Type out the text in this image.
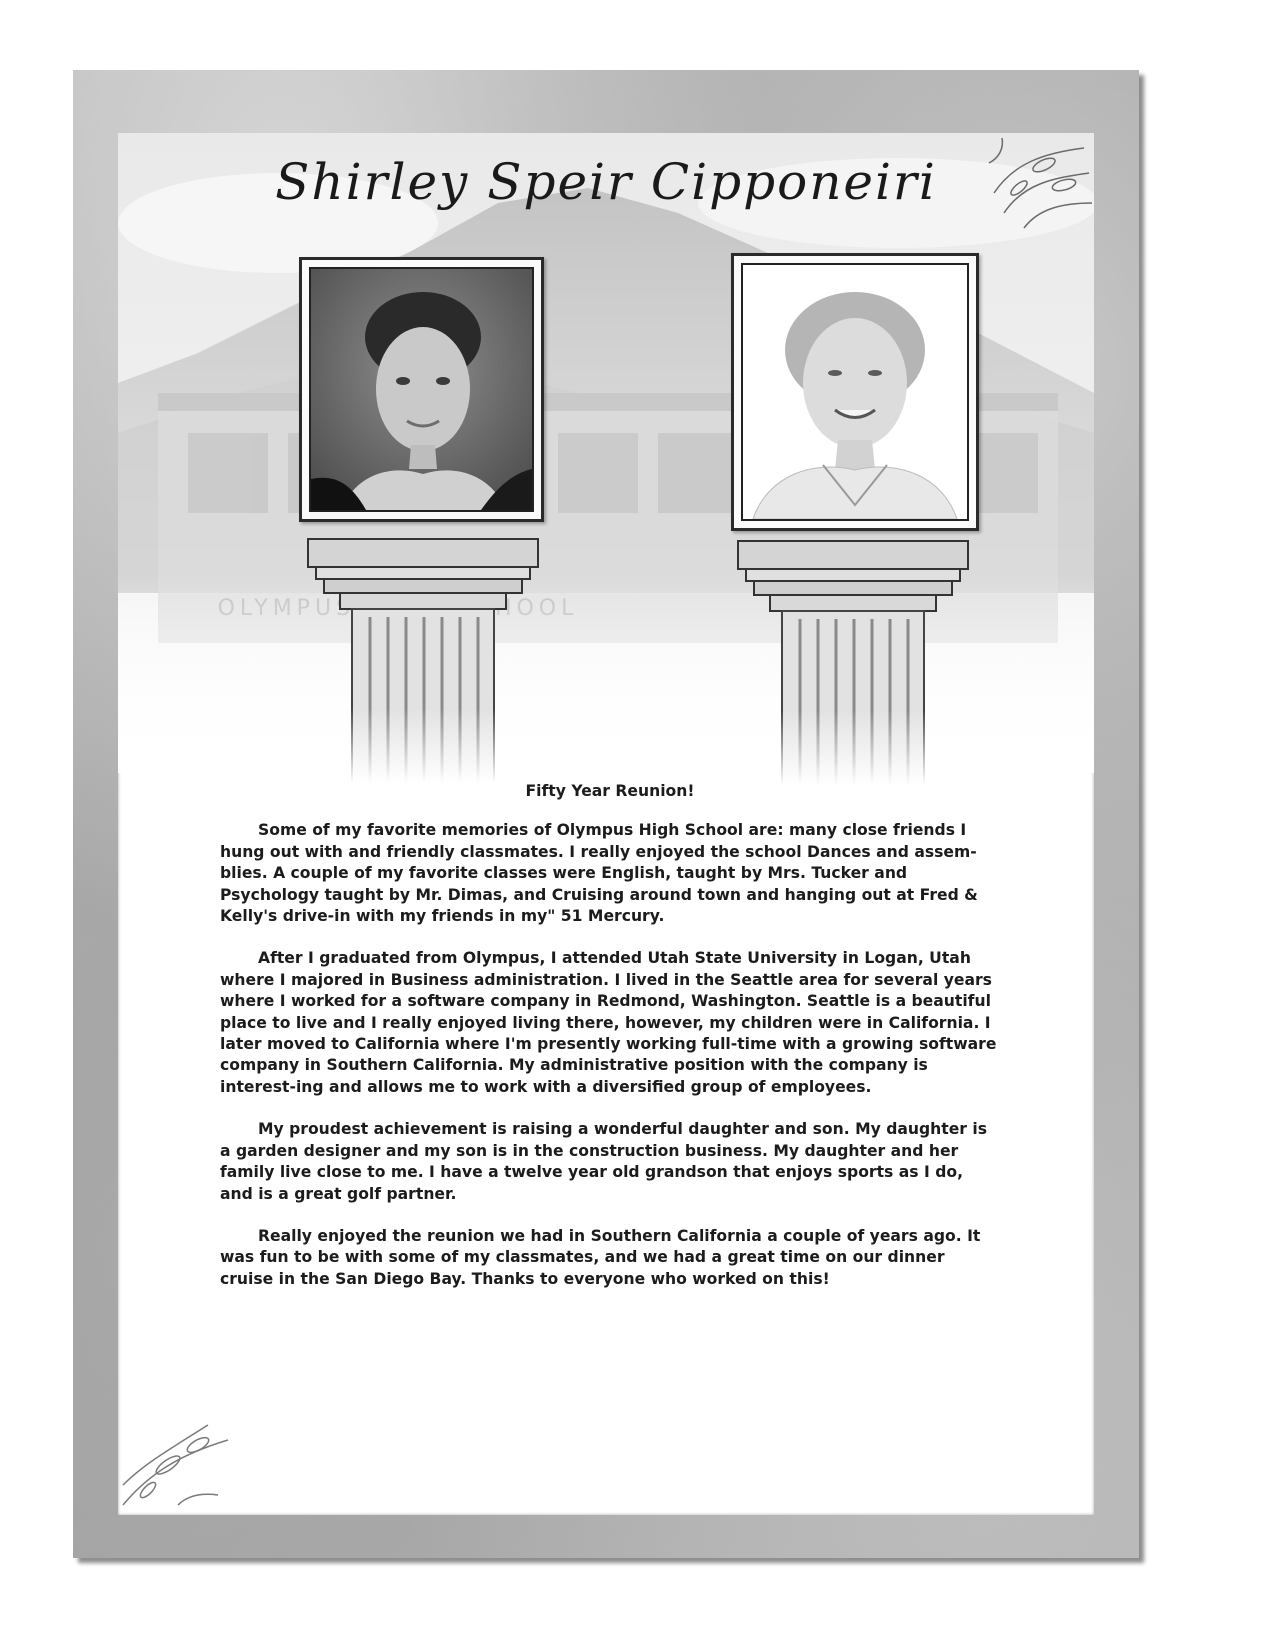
Shirley Speir Cipponeiri
Fifty Year Reunion!

Some of my favorite memories of Olympus High School are: many close friends I hung out with and friendly classmates. I really enjoyed the school Dances and assem-blies. A couple of my favorite classes were English, taught by Mrs. Tucker and Psychology taught by Mr. Dimas, and Cruising around town and hanging out at Fred & Kelly's drive-in with my friends in my" 51 Mercury.

After I graduated from Olympus, I attended Utah State University in Logan, Utah where I majored in Business administration. I lived in the Seattle area for several years where I worked for a software company in Redmond, Washington. Seattle is a beautiful place to live and I really enjoyed living there, however, my children were in California. I later moved to California where I'm presently working full-time with a growing software company in Southern California. My administrative position with the company is interest-ing and allows me to work with a diversified group of employees.

My proudest achievement is raising a wonderful daughter and son. My daughter is a garden designer and my son is in the construction business. My daughter and her family live close to me. I have a twelve year old grandson that enjoys sports as I do, and is a great golf partner.

Really enjoyed the reunion we had in Southern California a couple of years ago. It was fun to be with some of my classmates, and we had a great time on our dinner cruise in the San Diego Bay. Thanks to everyone who worked on this!
